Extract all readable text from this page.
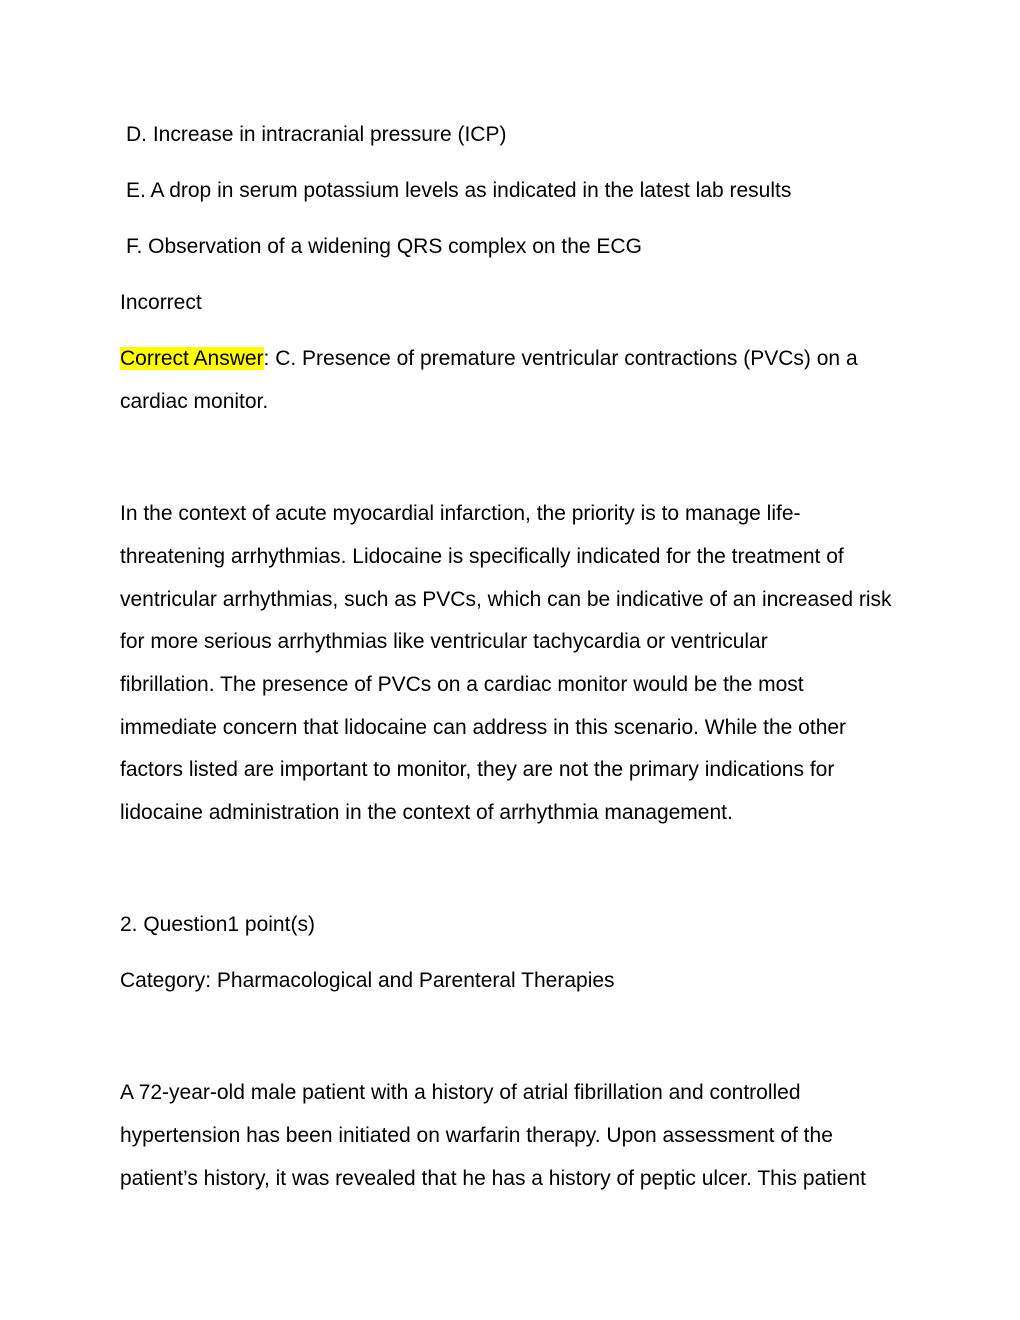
D. Increase in intracranial pressure (ICP)
E. A drop in serum potassium levels as indicated in the latest lab results
F. Observation of a widening QRS complex on the ECG
Incorrect
Correct Answer: C. Presence of premature ventricular contractions (PVCs) on a
cardiac monitor.
In the context of acute myocardial infarction, the priority is to manage life-
threatening arrhythmias. Lidocaine is specifically indicated for the treatment of
ventricular arrhythmias, such as PVCs, which can be indicative of an increased risk
for more serious arrhythmias like ventricular tachycardia or ventricular
fibrillation. The presence of PVCs on a cardiac monitor would be the most
immediate concern that lidocaine can address in this scenario. While the other
factors listed are important to monitor, they are not the primary indications for
lidocaine administration in the context of arrhythmia management.
2. Question1 point(s)
Category: Pharmacological and Parenteral Therapies
A 72-year-old male patient with a history of atrial fibrillation and controlled
hypertension has been initiated on warfarin therapy. Upon assessment of the
patient’s history, it was revealed that he has a history of peptic ulcer. This patient
